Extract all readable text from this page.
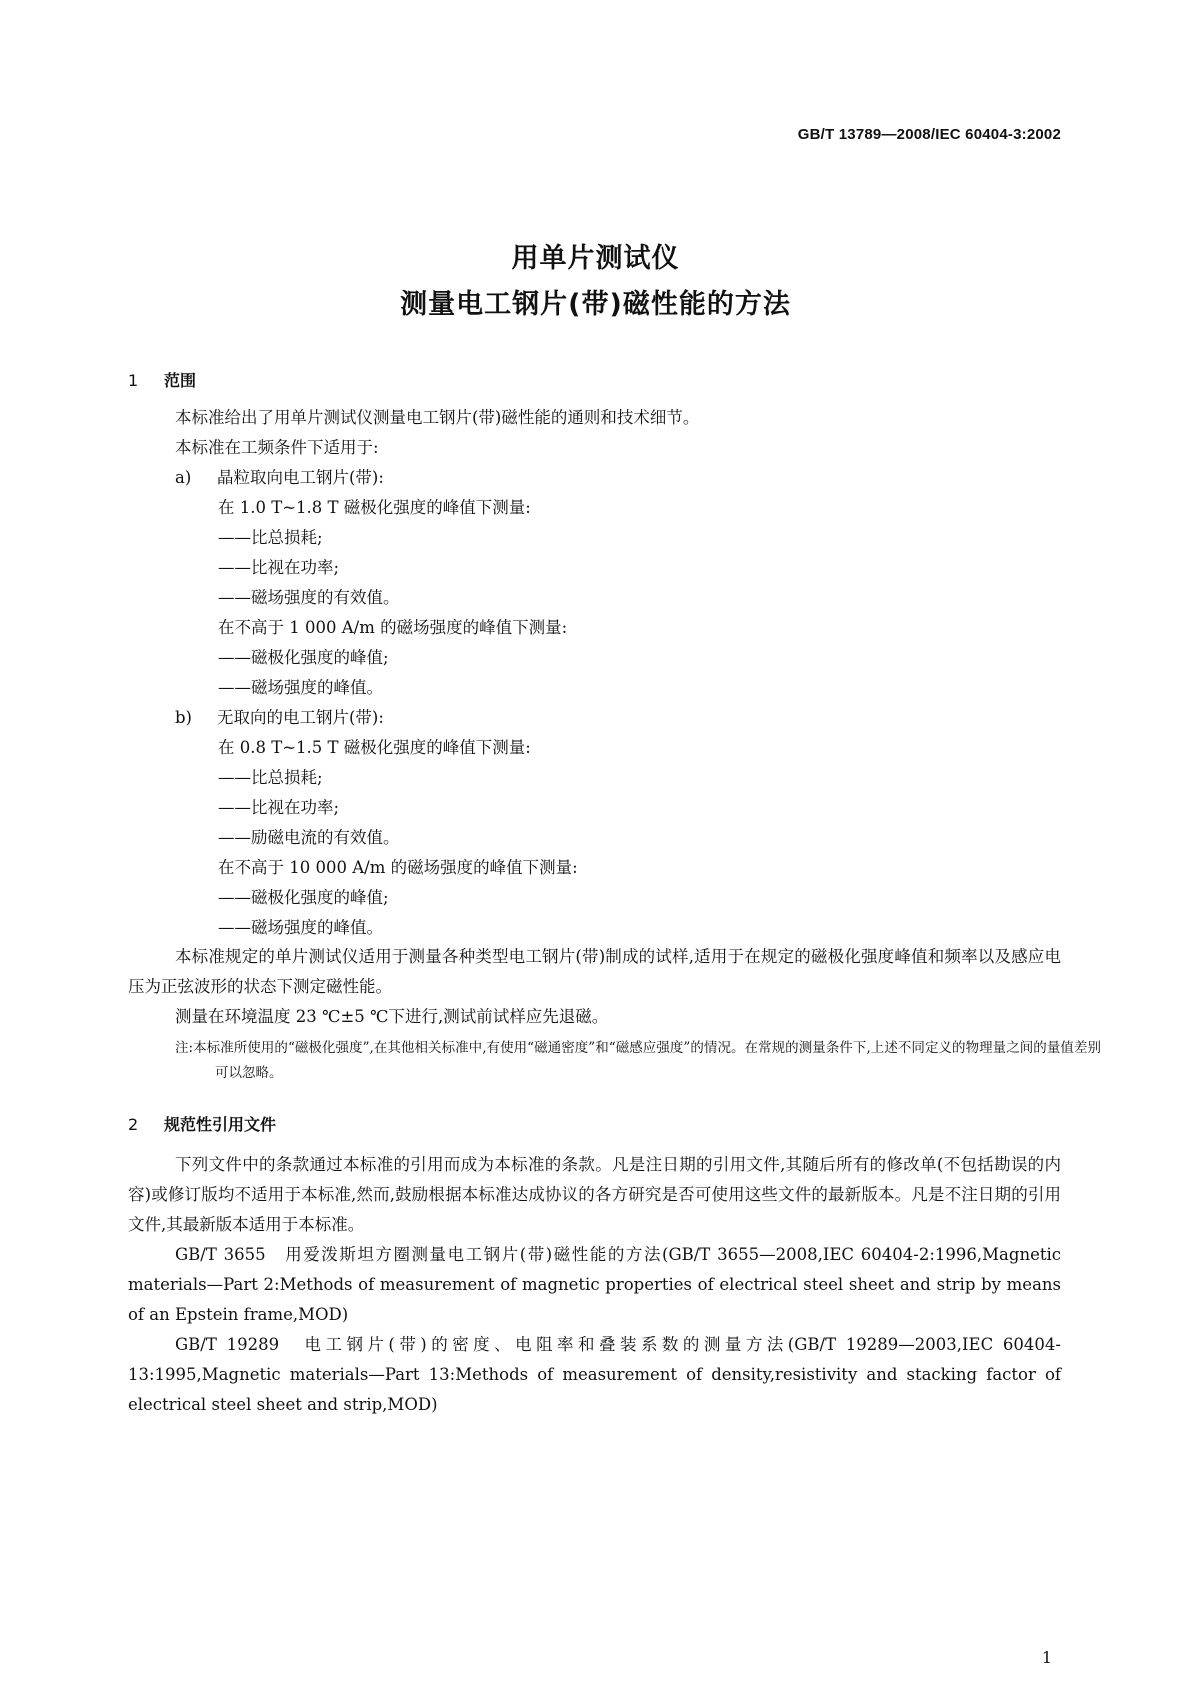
GB/T 13789—2008/IEC 60404-3:2002
用单片测试仪
测量电工钢片(带)磁性能的方法
1 范围
本标准给出了用单片测试仪测量电工钢片(带)磁性能的通则和技术细节。
本标准在工频条件下适用于:
a) 晶粒取向电工钢片(带):
在 1.0 T~1.8 T 磁极化强度的峰值下测量:
——比总损耗;
——比视在功率;
——磁场强度的有效值。
在不高于 1 000 A/m 的磁场强度的峰值下测量:
——磁极化强度的峰值;
——磁场强度的峰值。
b) 无取向的电工钢片(带):
在 0.8 T~1.5 T 磁极化强度的峰值下测量:
——比总损耗;
——比视在功率;
——励磁电流的有效值。
在不高于 10 000 A/m 的磁场强度的峰值下测量:
——磁极化强度的峰值;
——磁场强度的峰值。
本标准规定的单片测试仪适用于测量各种类型电工钢片(带)制成的试样,适用于在规定的磁极化强度峰值和频率以及感应电压为正弦波形的状态下测定磁性能。
测量在环境温度 23 ℃±5 ℃下进行,测试前试样应先退磁。
注:本标准所使用的“磁极化强度”,在其他相关标准中,有使用“磁通密度”和“磁感应强度”的情况。在常规的测量条件下,上述不同定义的物理量之间的量值差别可以忽略。
2 规范性引用文件
下列文件中的条款通过本标准的引用而成为本标准的条款。凡是注日期的引用文件,其随后所有的修改单(不包括勘误的内容)或修订版均不适用于本标准,然而,鼓励根据本标准达成协议的各方研究是否可使用这些文件的最新版本。凡是不注日期的引用文件,其最新版本适用于本标准。
GB/T 3655　用爱泼斯坦方圈测量电工钢片(带)磁性能的方法(GB/T 3655—2008,IEC 60404-2:1996,Magnetic materials—Part 2:Methods of measurement of magnetic properties of electrical steel sheet and strip by means of an Epstein frame,MOD)
GB/T 19289　电工钢片(带)的密度、电阻率和叠装系数的测量方法(GB/T 19289—2003,IEC 60404-13:1995,Magnetic materials—Part 13:Methods of measurement of density,resistivity and stacking factor of electrical steel sheet and strip,MOD)
1
